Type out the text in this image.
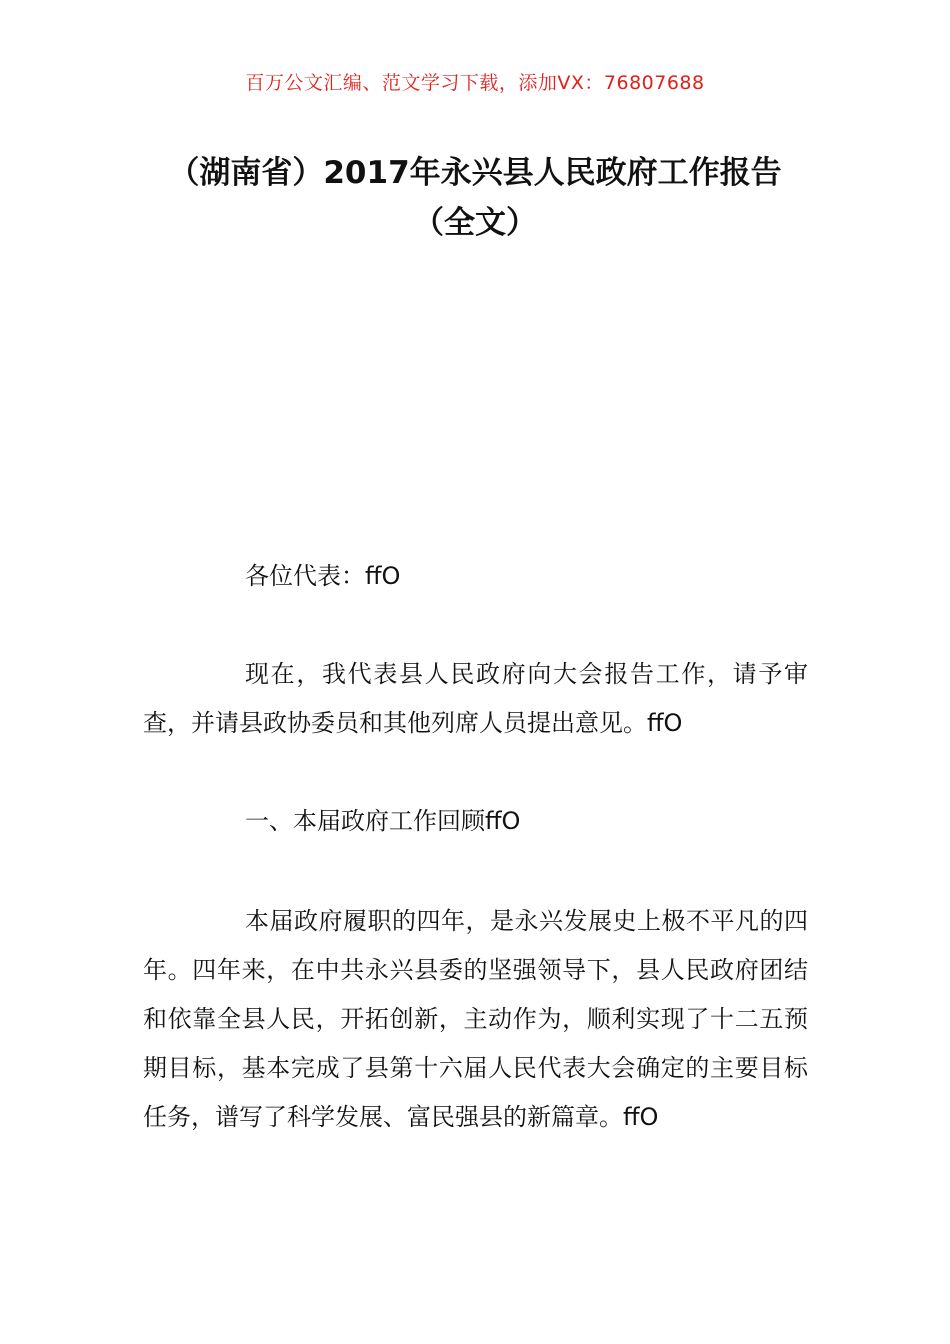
百万公文汇编、范文学习下载，添加VX：76807688
（湖南省）2017年永兴县人民政府工作报告（全文）

各位代表：ffO

现在，我代表县人民政府向大会报告工作，请予审查，并请县政协委员和其他列席人员提出意见。ffO

一、本届政府工作回顾ffO

本届政府履职的四年，是永兴发展史上极不平凡的四年。四年来，在中共永兴县委的坚强领导下，县人民政府团结和依靠全县人民，开拓创新，主动作为，顺利实现了十二五预期目标，基本完成了县第十六届人民代表大会确定的主要目标任务，谱写了科学发展、富民强县的新篇章。ffO
